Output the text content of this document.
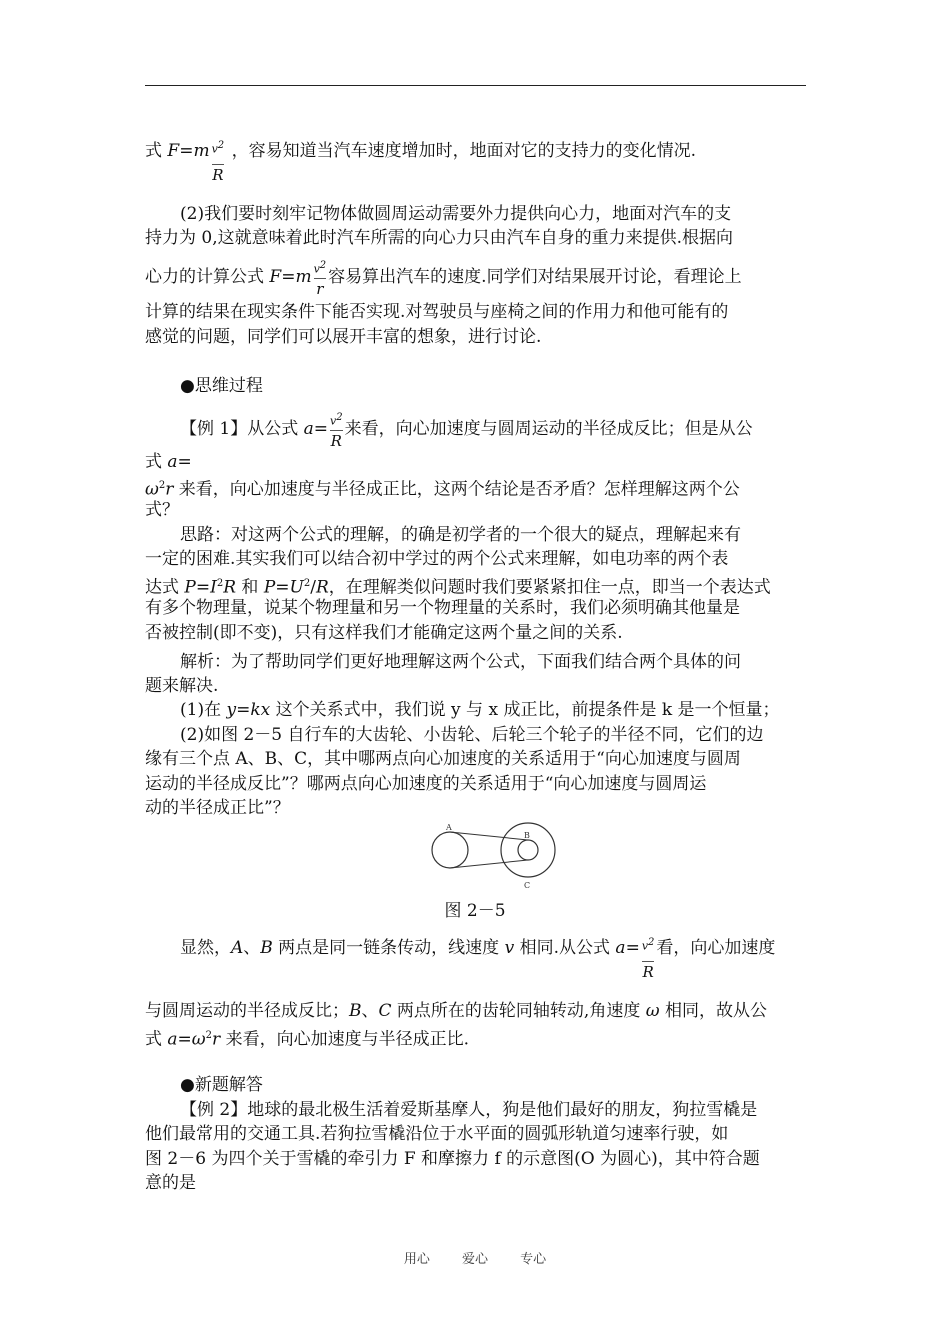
式 $F=m \frac{v^2}{R}$ ，容易知道当汽车速度增加时，地面对它的支持力的变化情况.
(2)我们要时刻牢记物体做圆周运动需要外力提供向心力，地面对汽车的支
持力为 0,这就意味着此时汽车所需的向心力只由汽车自身的重力来提供.根据向
心力的计算公式 $F=m \frac{v^2}{r}$ 容易算出汽车的速度.同学们对结果展开讨论，看理论上
计算的结果在现实条件下能否实现.对驾驶员与座椅之间的作用力和他可能有的
感觉的问题，同学们可以展开丰富的想象，进行讨论.
●思维过程
【例 1】从公式 $a= \frac{v^2}{R}$ 来看，向心加速度与圆周运动的半径成反比；但是从公
式 a=
$\omega^2r$ 来看，向心加速度与半径成正比，这两个结论是否矛盾？怎样理解这两个公
式？
思路：对这两个公式的理解，的确是初学者的一个很大的疑点，理解起来有
一定的困难.其实我们可以结合初中学过的两个公式来理解，如电功率的两个表
达式 $P=I^2R$ 和 $P=U^2/R$，在理解类似问题时我们要紧紧扣住一点，即当一个表达式
有多个物理量，说某个物理量和另一个物理量的关系时，我们必须明确其他量是
否被控制(即不变)，只有这样我们才能确定这两个量之间的关系.
解析：为了帮助同学们更好地理解这两个公式，下面我们结合两个具体的问
题来解决.
(1)在 y=kx 这个关系式中，我们说 y 与 x 成正比，前提条件是 k 是一个恒量；
(2)如图 2－5 自行车的大齿轮、小齿轮、后轮三个轮子的半径不同，它们的边
缘有三个点 A、B、C，其中哪两点向心加速度的关系适用于“向心加速度与圆周
运动的半径成反比”？哪两点向心加速度的关系适用于“向心加速度与圆周运
动的半径成正比”？
A
B
C
图 2－5
显然，A、B 两点是同一链条传动，线速度 v 相同.从公式 $a= \frac{v^2}{R}$ 看，向心加速度
与圆周运动的半径成反比；B、C 两点所在的齿轮同轴转动,角速度 ω 相同，故从公
式 $a=\omega^2r$ 来看，向心加速度与半径成正比.
●新题解答
【例 2】地球的最北极生活着爱斯基摩人，狗是他们最好的朋友，狗拉雪橇是
他们最常用的交通工具.若狗拉雪橇沿位于水平面的圆弧形轨道匀速率行驶，如
图 2－6 为四个关于雪橇的牵引力 F 和摩擦力 f 的示意图(O 为圆心)，其中符合题
意的是
用心 爱心 专心
